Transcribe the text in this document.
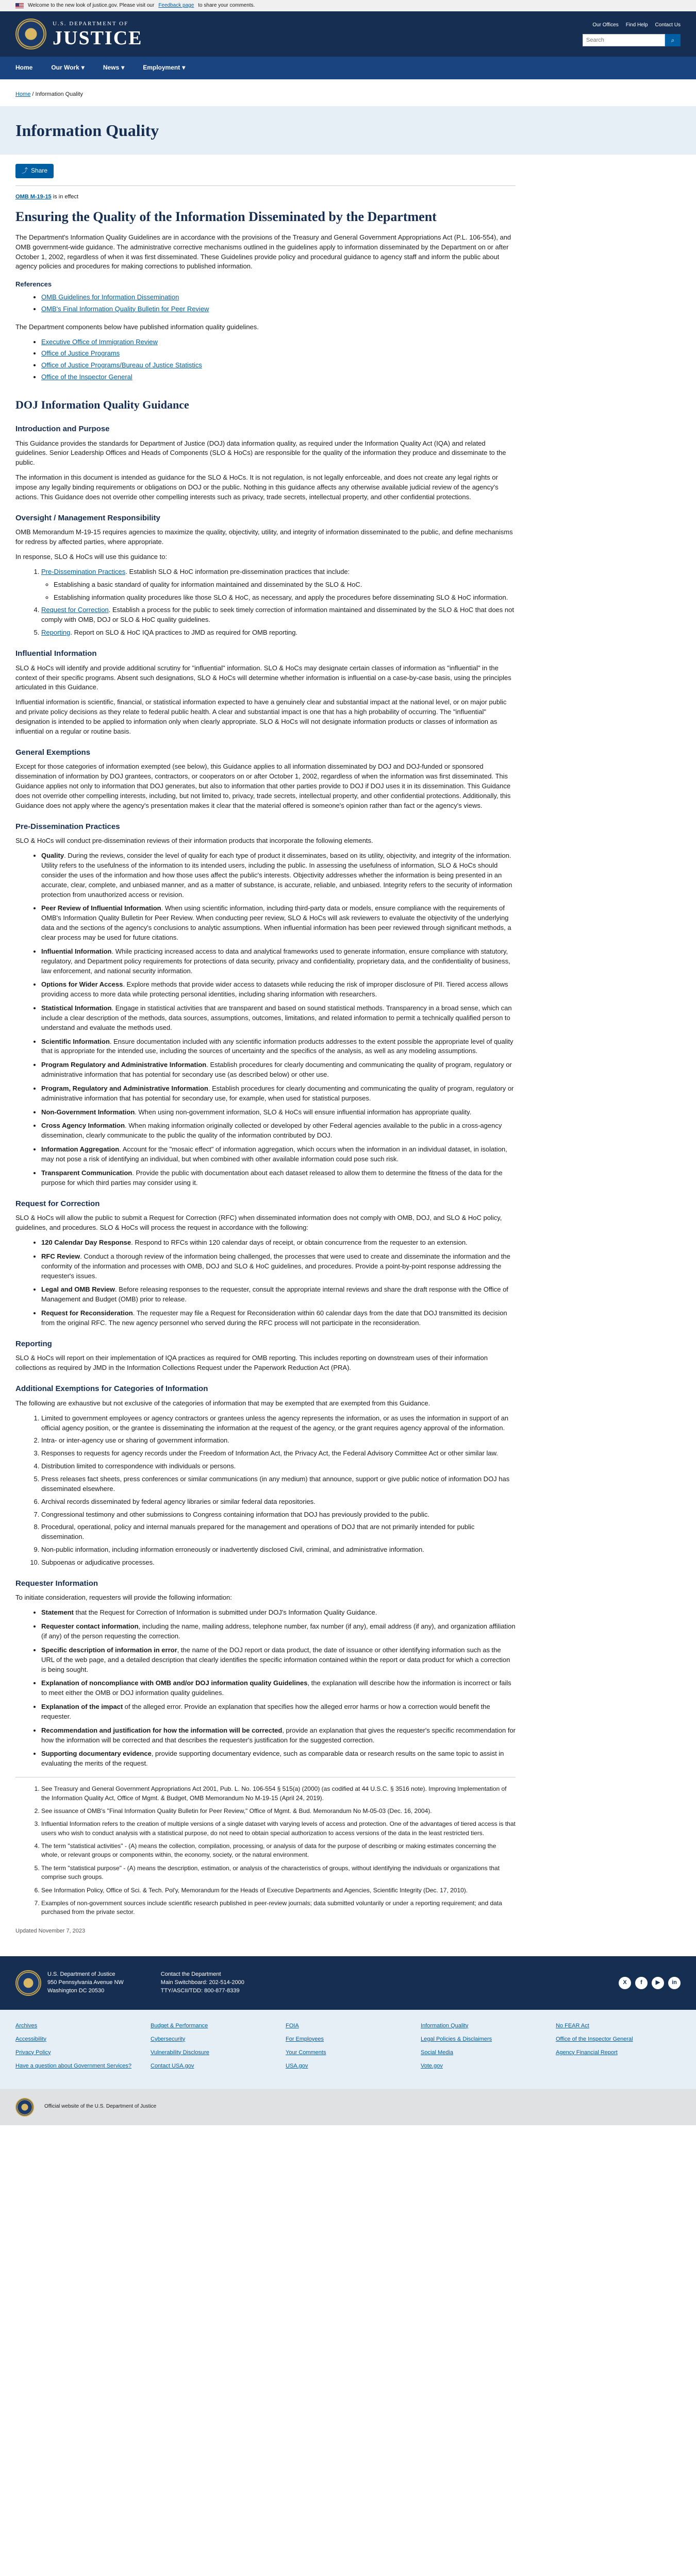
Welcome to the new look of justice.gov. Please visit our Feedback page to share your comments.
U.S. DEPARTMENT OF
JUSTICE
Our Offices Find Help Contact Us
Search
⌕
Home	Our Work ▾	News ▾	Employment ▾
Home / Information Quality
Information Quality
⤴ Share
OMB M-19-15 is in effect
Ensuring the Quality of the Information Disseminated by the Department

The Department's Information Quality Guidelines are in accordance with the provisions of the Treasury and General Government Appropriations Act (P.L. 106-554), and OMB government-wide guidance. The administrative corrective mechanisms outlined in the guidelines apply to information disseminated by the Department on or after October 1, 2002, regardless of when it was first disseminated. These Guidelines provide policy and procedural guidance to agency staff and inform the public about agency policies and procedures for making corrections to published information.

References
• OMB Guidelines for Information Dissemination
• OMB's Final Information Quality Bulletin for Peer Review

The Department components below have published information quality guidelines.

• Executive Office of Immigration Review
• Office of Justice Programs
• Office of Justice Programs/Bureau of Justice Statistics
• Office of the Inspector General
DOJ Information Quality Guidance
Introduction and Purpose

This Guidance provides the standards for Department of Justice (DOJ) data information quality, as required under the Information Quality Act (IQA) and related guidelines. Senior Leadership Offices and Heads of Components (SLO & HoCs) are responsible for the quality of the information they produce and disseminate to the public.

The information in this document is intended as guidance for the SLO & HoCs. It is not regulation, is not legally enforceable, and does not create any legal rights or impose any legally binding requirements or obligations on DOJ or the public. Nothing in this guidance affects any otherwise available judicial review of the agency's actions. This Guidance does not override other compelling interests such as privacy, trade secrets, intellectual property, and other confidential protections.

Oversight / Management Responsibility

OMB Memorandum M-19-15 requires agencies to maximize the quality, objectivity, utility, and integrity of information disseminated to the public, and define mechanisms for redress by affected parties, where appropriate.

In response, SLO & HoCs will use this guidance to:

1. Pre-Dissemination Practices. Establish SLO & HoC information pre-dissemination practices that include:
◦ Establishing a basic standard of quality for information maintained and disseminated by the SLO & HoC.
◦ Establishing information quality procedures like those SLO & HoC, as necessary, and apply the procedures before disseminating SLO & HoC information.
4. Request for Correction. Establish a process for the public to seek timely correction of information maintained and disseminated by the SLO & HoC that does not comply with OMB, DOJ or SLO & HoC quality guidelines.
5. Reporting. Report on SLO & HoC IQA practices to JMD as required for OMB reporting.
Influential Information

SLO & HoCs will identify and provide additional scrutiny for "influential" information. SLO & HoCs may designate certain classes of information as "influential" in the context of their specific programs. Absent such designations, SLO & HoCs will determine whether information is influential on a case-by-case basis, using the principles articulated in this Guidance.

Influential information is scientific, financial, or statistical information expected to have a genuinely clear and substantial impact at the national level, or on major public and private policy decisions as they relate to federal public health. A clear and substantial impact is one that has a high probability of occurring. The "influential" designation is intended to be applied to information only when clearly appropriate. SLO & HoCs will not designate information products or classes of information as influential on a regular or routine basis.

General Exemptions

Except for those categories of information exempted (see below), this Guidance applies to all information disseminated by DOJ and DOJ-funded or sponsored dissemination of information by DOJ grantees, contractors, or cooperators on or after October 1, 2002, regardless of when the information was first disseminated. This Guidance applies not only to information that DOJ generates, but also to information that other parties provide to DOJ if DOJ uses it in its dissemination. This Guidance does not override other compelling interests, including, but not limited to, privacy, trade secrets, intellectual property, and other confidential protections. Additionally, this Guidance does not apply where the agency's presentation makes it clear that the material offered is someone's opinion rather than fact or the agency's views.

Pre-Dissemination Practices

SLO & HoCs will conduct pre-dissemination reviews of their information products that incorporate the following elements.

• Quality. During the reviews, consider the level of quality for each type of product it disseminates, based on its utility, objectivity, and integrity of the information. Utility refers to the usefulness of the information to its intended users, including the public. In assessing the usefulness of information, SLO & HoCs should consider the uses of the information and how those uses affect the public's interests. Objectivity addresses whether the information is being presented in an accurate, clear, complete, and unbiased manner, and as a matter of substance, is accurate, reliable, and unbiased. Integrity refers to the security of information protection from unauthorized access or revision.
• Peer Review of Influential Information. When using scientific information, including third-party data or models, ensure compliance with the requirements of OMB's Information Quality Bulletin for Peer Review. When conducting peer review, SLO & HoCs will ask reviewers to evaluate the objectivity of the underlying data and the sections of the agency's conclusions to analytic assumptions. When influential information has been peer reviewed through significant methods, a clear process may be used for future citations.
• Influential Information. While practicing increased access to data and analytical frameworks used to generate information, ensure compliance with statutory, regulatory, and Department policy requirements for protections of data security, privacy and confidentiality, proprietary data, and the confidentiality of business, law enforcement, and national security information.
• Options for Wider Access. Explore methods that provide wider access to datasets while reducing the risk of improper disclosure of PII. Tiered access allows providing access to more data while protecting personal identities, including sharing information with researchers.
• Statistical Information. Engage in statistical activities that are transparent and based on sound statistical methods. Transparency in a broad sense, which can include a clear description of the methods, data sources, assumptions, outcomes, limitations, and related information to permit a technically qualified person to understand and evaluate the methods used.
• Scientific Information. Ensure documentation included with any scientific information products addresses to the extent possible the appropriate level of quality that is appropriate for the intended use, including the sources of uncertainty and the specifics of the analysis, as well as any modeling assumptions.
• Program Regulatory and Administrative Information. Establish procedures for clearly documenting and communicating the quality of program, regulatory or administrative information that has potential for secondary use (as described below) or other use.
• Program, Regulatory and Administrative Information. Establish procedures for clearly documenting and communicating the quality of program, regulatory or administrative information that has potential for secondary use, for example, when used for statistical purposes.
• Non-Government Information. When using non-government information, SLO & HoCs will ensure influential information has appropriate quality.
• Cross Agency Information. When making information originally collected or developed by other Federal agencies available to the public in a cross-agency dissemination, clearly communicate to the public the quality of the information contributed by DOJ.
• Information Aggregation. Account for the "mosaic effect" of information aggregation, which occurs when the information in an individual dataset, in isolation, may not pose a risk of identifying an individual, but when combined with other available information could pose such risk.
• Transparent Communication. Provide the public with documentation about each dataset released to allow them to determine the fitness of the data for the purpose for which third parties may consider using it.
Request for Correction

SLO & HoCs will allow the public to submit a Request for Correction (RFC) when disseminated information does not comply with OMB, DOJ, and SLO & HoC policy, guidelines, and procedures. SLO & HoCs will process the request in accordance with the following:

• 120 Calendar Day Response. Respond to RFCs within 120 calendar days of receipt, or obtain concurrence from the requester to an extension.
• RFC Review. Conduct a thorough review of the information being challenged, the processes that were used to create and disseminate the information and the conformity of the information and processes with OMB, DOJ and SLO & HoC guidelines, and procedures. Provide a point-by-point response addressing the requester's issues.
• Legal and OMB Review. Before releasing responses to the requester, consult the appropriate internal reviews and share the draft response with the Office of Management and Budget (OMB) prior to release.
• Request for Reconsideration. The requester may file a Request for Reconsideration within 60 calendar days from the date that DOJ transmitted its decision from the original RFC. The new agency personnel who served during the RFC process will not participate in the reconsideration.
Reporting

SLO & HoCs will report on their implementation of IQA practices as required for OMB reporting. This includes reporting on downstream uses of their information collections as required by JMD in the Information Collections Request under the Paperwork Reduction Act (PRA).

Additional Exemptions for Categories of Information

The following are exhaustive but not exclusive of the categories of information that may be exempted that are exempted from this Guidance.

1. Limited to government employees or agency contractors or grantees unless the agency represents the information, or as uses the information in support of an official agency position, or the grantee is disseminating the information at the request of the agency, or the grant requires agency approval of the information.
2. Intra- or inter-agency use or sharing of government information.
3. Responses to requests for agency records under the Freedom of Information Act, the Privacy Act, the Federal Advisory Committee Act or other similar law.
4. Distribution limited to correspondence with individuals or persons.
5. Press releases fact sheets, press conferences or similar communications (in any medium) that announce, support or give public notice of information DOJ has disseminated elsewhere.
6. Archival records disseminated by federal agency libraries or similar federal data repositories.
7. Congressional testimony and other submissions to Congress containing information that DOJ has previously provided to the public.
8. Procedural, operational, policy and internal manuals prepared for the management and operations of DOJ that are not primarily intended for public dissemination.
9. Non-public information, including information erroneously or inadvertently disclosed Civil, criminal, and administrative information.
10. Subpoenas or adjudicative processes.
Requester Information

To initiate consideration, requesters will provide the following information:

• Statement that the Request for Correction of Information is submitted under DOJ's Information Quality Guidance.
• Requester contact information, including the name, mailing address, telephone number, fax number (if any), email address (if any), and organization affiliation (if any) of the person requesting the correction.
• Specific description of information in error, the name of the DOJ report or data product, the date of issuance or other identifying information such as the URL of the web page, and a detailed description that clearly identifies the specific information contained within the report or data product for which a correction is being sought.
• Explanation of noncompliance with OMB and/or DOJ information quality Guidelines, the explanation will describe how the information is incorrect or fails to meet either the OMB or DOJ information quality guidelines.
• Explanation of the impact of the alleged error. Provide an explanation that specifies how the alleged error harms or how a correction would benefit the requester.
• Recommendation and justification for how the information will be corrected, provide an explanation that gives the requester's specific recommendation for how the information will be corrected and that describes the requester's justification for the suggested correction.
• Supporting documentary evidence, provide supporting documentary evidence, such as comparable data or research results on the same topic to assist in evaluating the merits of the request.
1. See Treasury and General Government Appropriations Act 2001, Pub. L. No. 106-554 § 515(a) (2000) (as codified at 44 U.S.C. § 3516 note). Improving Implementation of the Information Quality Act, Office of Mgmt. & Budget, OMB Memorandum No M-19-15 (April 24, 2019).
2. See issuance of OMB's "Final Information Quality Bulletin for Peer Review," Office of Mgmt. & Bud. Memorandum No M-05-03 (Dec. 16, 2004).
3. Influential Information refers to the creation of multiple versions of a single dataset with varying levels of access and protection. One of the advantages of tiered access is that users who wish to conduct analysis with a statistical purpose, do not need to obtain special authorization to access versions of the data in the least restricted tiers.
4. The term "statistical activities" - (A) means the collection, compilation, processing, or analysis of data for the purpose of describing or making estimates concerning the whole, or relevant groups or components within, the economy, society, or the natural environment.
5. The term "statistical purpose" - (A) means the description, estimation, or analysis of the characteristics of groups, without identifying the individuals or organizations that comprise such groups.
6. See Information Policy, Office of Sci. & Tech. Pol'y, Memorandum for the Heads of Executive Departments and Agencies, Scientific Integrity (Dec. 17, 2010).
7. Examples of non-government sources include scientific research published in peer-review journals; data submitted voluntarily or under a reporting requirement; and data purchased from the private sector.
Updated November 7, 2023
U.S. Department of Justice
950 Pennsylvania Avenue NW
Washington DC 20530
Contact the Department
Main Switchboard: 202-514-2000
TTY/ASCII/TDD: 800-877-8339
X	f	▶	in
Archives	Budget & Performance	FOIA	Information Quality	No FEAR Act
Accessibility	Cybersecurity	For Employees	Legal Policies & Disclaimers	Office of the Inspector General
Privacy Policy	Vulnerability Disclosure	Your Comments	Social Media	Agency Financial Report
Have a question about Government Services?	Contact USA.gov	USA.gov	Vote.gov
Official website of the U.S. Department of Justice
